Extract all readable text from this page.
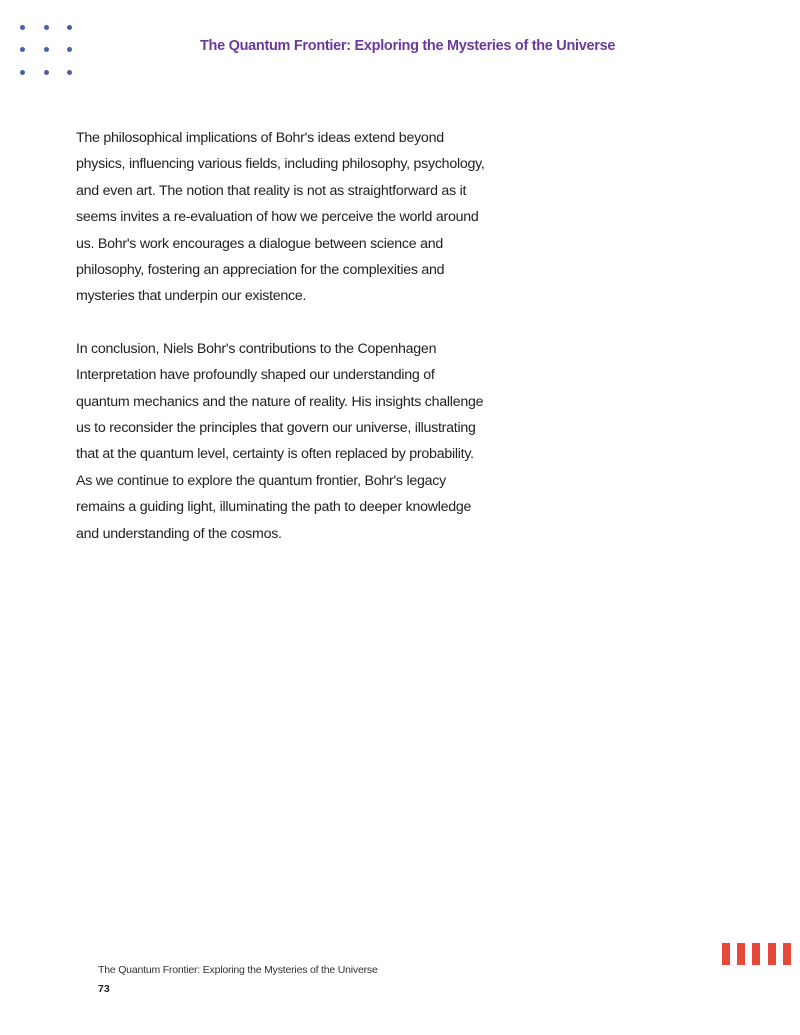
The Quantum Frontier: Exploring the Mysteries of the Universe

The philosophical implications of Bohr's ideas extend beyond physics, influencing various fields, including philosophy, psychology, and even art. The notion that reality is not as straightforward as it seems invites a re-evaluation of how we perceive the world around us. Bohr's work encourages a dialogue between science and philosophy, fostering an appreciation for the complexities and mysteries that underpin our existence.

In conclusion, Niels Bohr's contributions to the Copenhagen Interpretation have profoundly shaped our understanding of quantum mechanics and the nature of reality. His insights challenge us to reconsider the principles that govern our universe, illustrating that at the quantum level, certainty is often replaced by probability. As we continue to explore the quantum frontier, Bohr's legacy remains a guiding light, illuminating the path to deeper knowledge and understanding of the cosmos.

The Quantum Frontier: Exploring the Mysteries of the Universe
73
